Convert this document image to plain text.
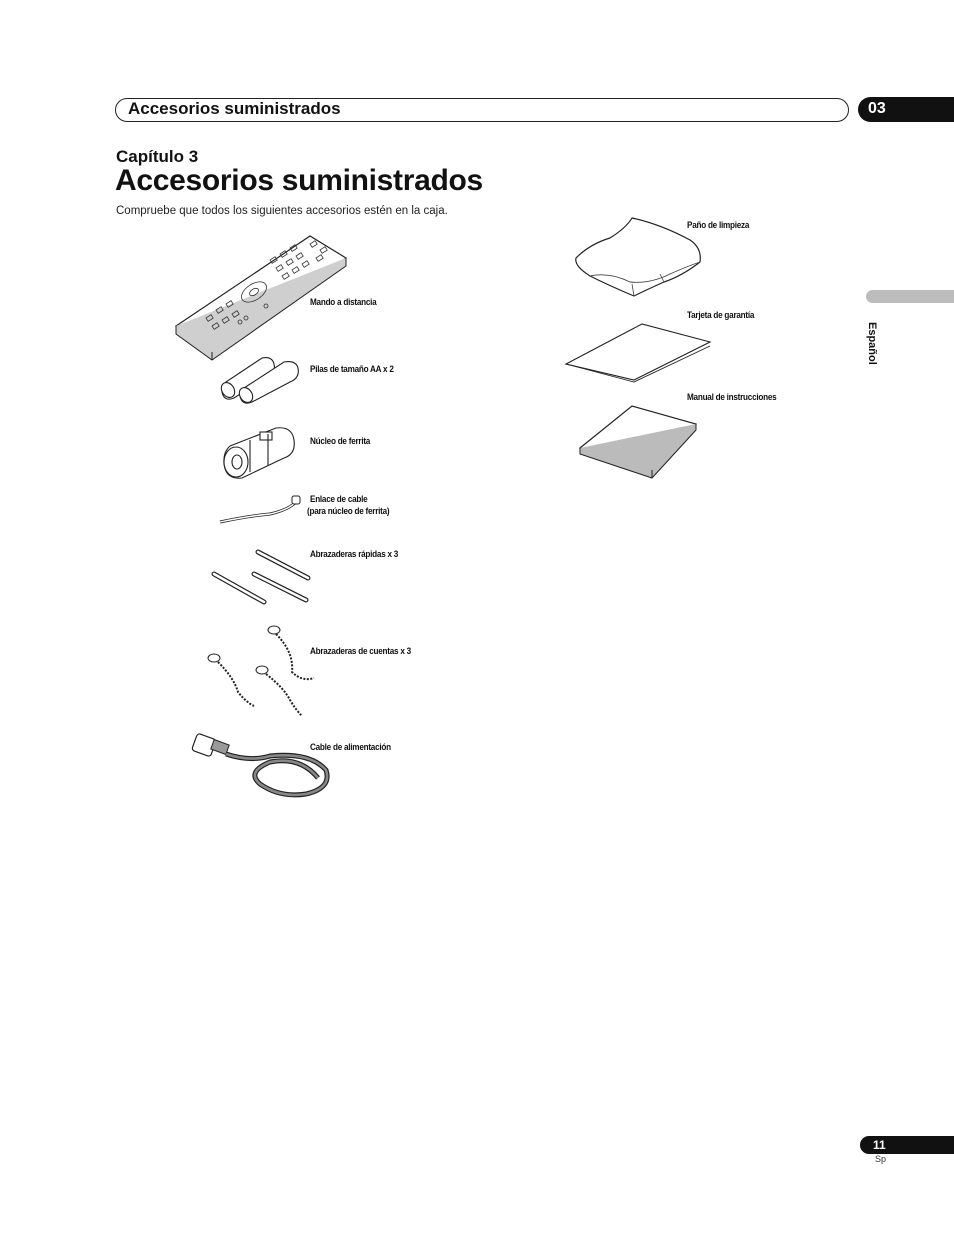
Accesorios suministrados	03
Capítulo 3
Accesorios suministrados
Compruebe que todos los siguientes accesorios estén en la caja.
Mando a distancia
Pilas de tamaño AA x 2
Núcleo de ferrita
Enlace de cable
(para núcleo de ferrita)
Abrazaderas rápidas x 3
Abrazaderas de cuentas x 3
Cable de alimentación
Paño de limpieza
Tarjeta de garantía
Manual de instrucciones
Español
11
Sp
